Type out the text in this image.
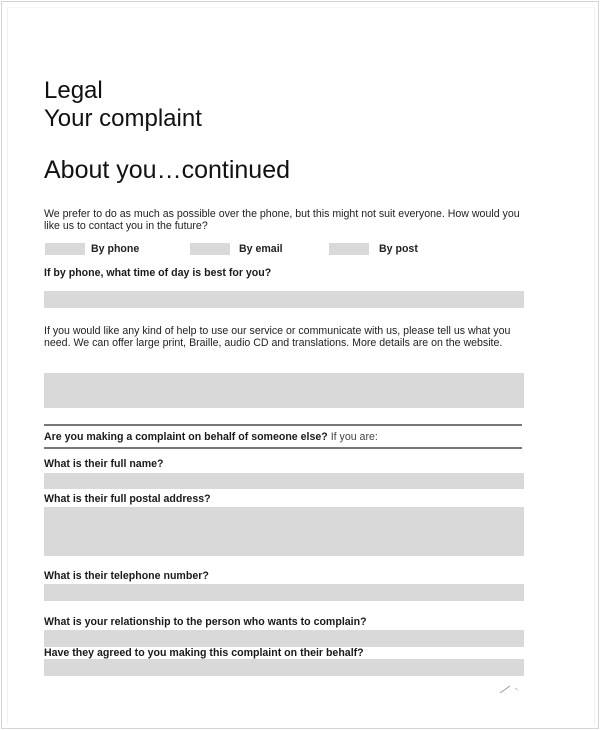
Legal
Your complaint
About you…continued
We prefer to do as much as possible over the phone, but this might not suit everyone. How would you like us to contact you in the future?
By phone	By email	By post
If by phone, what time of day is best for you?
If you would like any kind of help to use our service or communicate with us, please tell us what you need. We can offer large print, Braille, audio CD and translations. More details are on the website.
Are you making a complaint on behalf of someone else? If you are:
What is their full name?
What is their full postal address?
What is their telephone number?
What is your relationship to the person who wants to complain?
Have they agreed to you making this complaint on their behalf?
